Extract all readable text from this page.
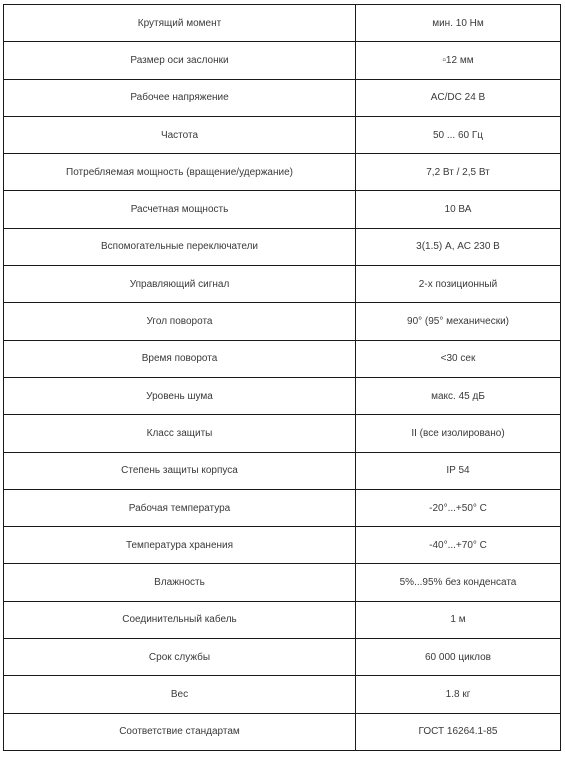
Крутящий момент	мин. 10 Нм
Размер оси заслонки	▫12 мм
Рабочее напряжение	AC/DC 24 В
Частота	50 ... 60 Гц
Потребляемая мощность (вращение/удержание)	7,2 Вт / 2,5 Вт
Расчетная мощность	10 ВА
Вспомогательные переключатели	3(1.5) А, АС 230 В
Управляющий сигнал	2-х позиционный
Угол поворота	90° (95° механически)
Время поворота	<30 сек
Уровень шума	макс. 45 дБ
Класс защиты	II (все изолировано)
Степень защиты корпуса	IP 54
Рабочая температура	-20°...+50° С
Температура хранения	-40°...+70° С
Влажность	5%...95% без конденсата
Соединительный кабель	1 м
Срок службы	60 000 циклов
Вес	1.8 кг
Соответствие стандартам	ГОСТ 16264.1-85
